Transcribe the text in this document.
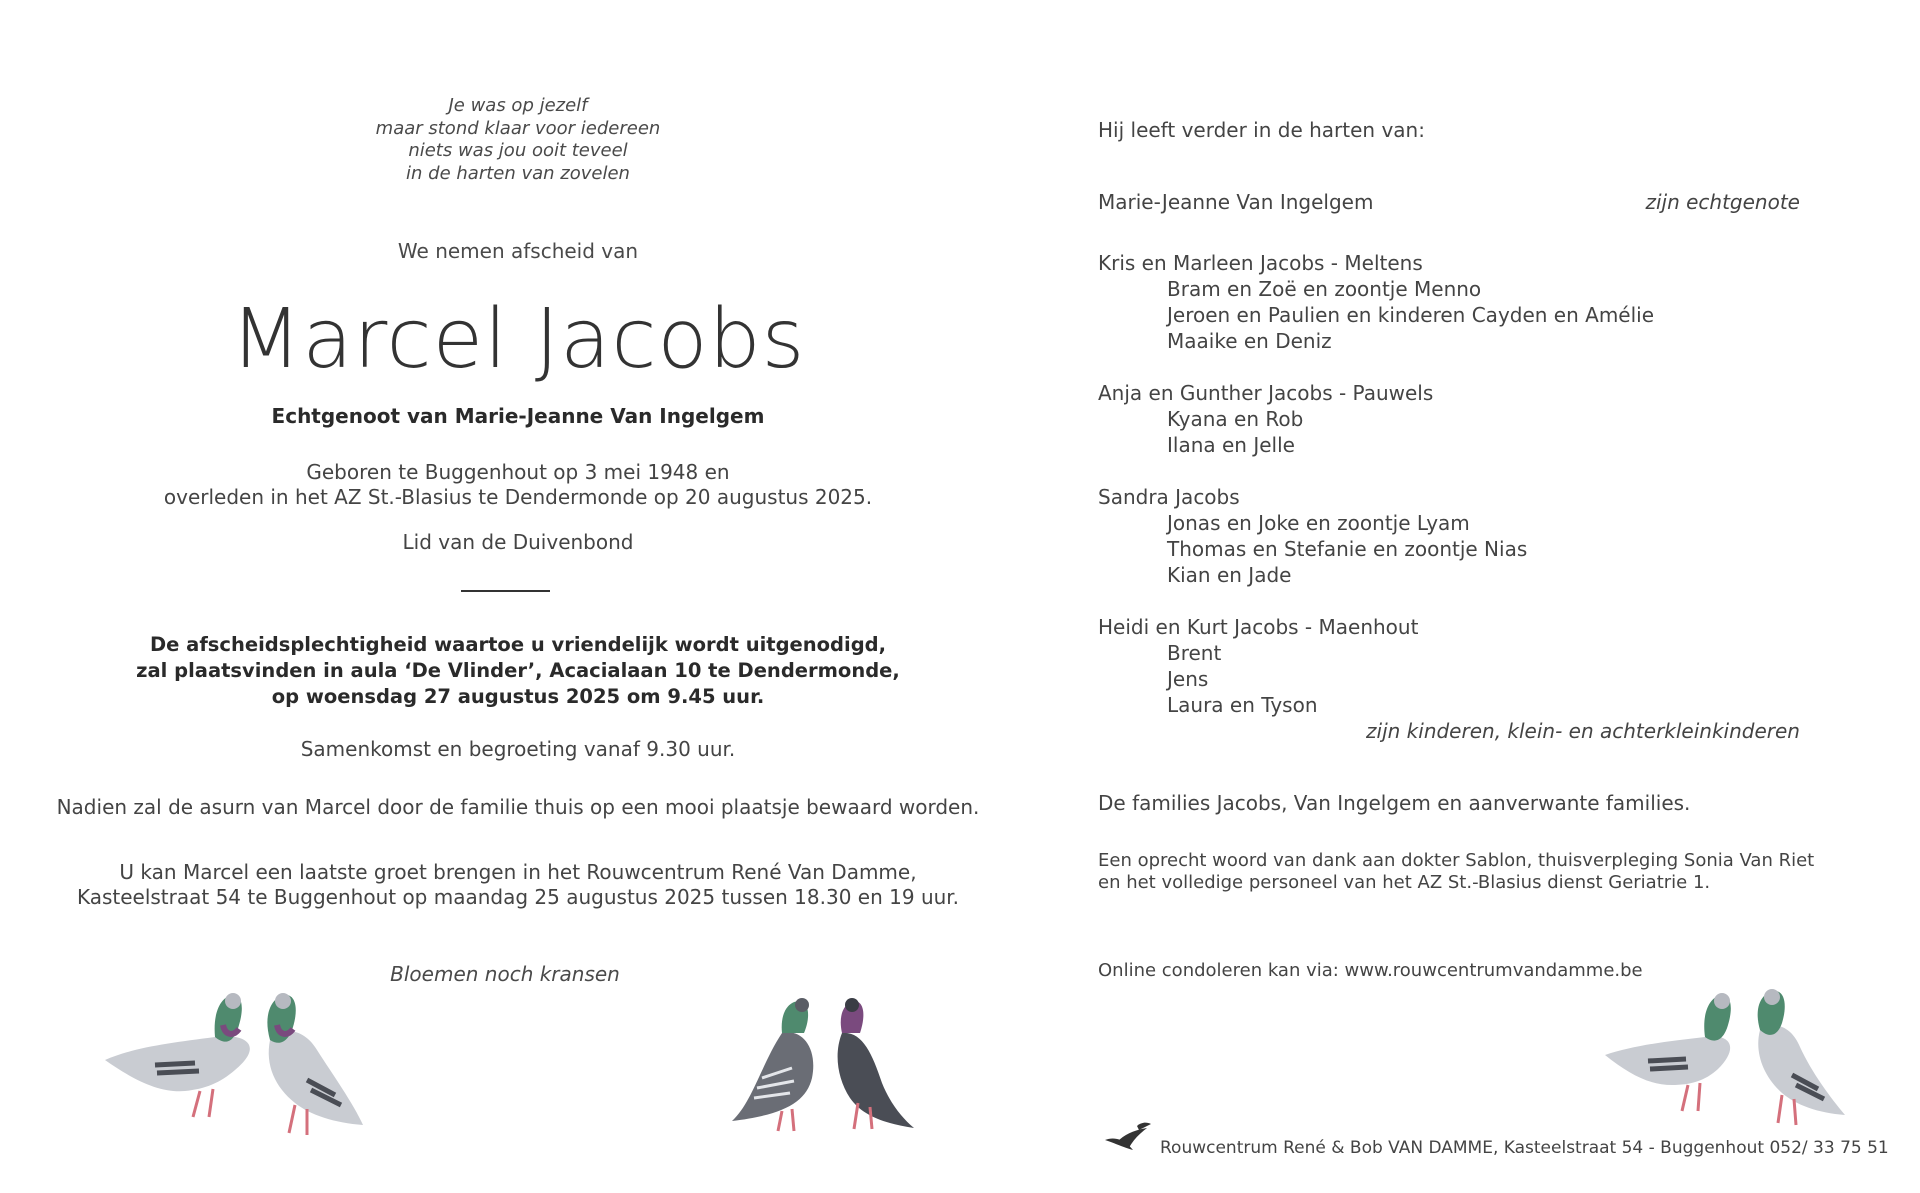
Je was op jezelf
maar stond klaar voor iedereen
niets was jou ooit teveel
in de harten van zovelen
We nemen afscheid van
Marcel Jacobs
Echtgenoot van Marie-Jeanne Van Ingelgem
Geboren te Buggenhout op 3 mei 1948 en
overleden in het AZ St.-Blasius te Dendermonde op 20 augustus 2025.
Lid van de Duivenbond
De afscheidsplechtigheid waartoe u vriendelijk wordt uitgenodigd,
zal plaatsvinden in aula ‘De Vlinder’, Acacialaan 10 te Dendermonde,
op woensdag 27 augustus 2025 om 9.45 uur.
Samenkomst en begroeting vanaf 9.30 uur.
Nadien zal de asurn van Marcel door de familie thuis op een mooi plaatsje bewaard worden.
U kan Marcel een laatste groet brengen in het Rouwcentrum René Van Damme,
Kasteelstraat 54 te Buggenhout op maandag 25 augustus 2025 tussen 18.30 en 19 uur.
Bloemen noch kransen
Hij leeft verder in de harten van:
Marie-Jeanne Van Ingelgem	zijn echtgenote
Kris en Marleen Jacobs - Meltens
Bram en Zoë en zoontje Menno
Jeroen en Paulien en kinderen Cayden en Amélie
Maaike en Deniz
Anja en Gunther Jacobs - Pauwels
Kyana en Rob
Ilana en Jelle
Sandra Jacobs
Jonas en Joke en zoontje Lyam
Thomas en Stefanie en zoontje Nias
Kian en Jade
Heidi en Kurt Jacobs - Maenhout
Brent
Jens
Laura en Tyson
zijn kinderen, klein- en achterkleinkinderen
De families Jacobs, Van Ingelgem en aanverwante families.
Een oprecht woord van dank aan dokter Sablon, thuisverpleging Sonia Van Riet
en het volledige personeel van het AZ St.-Blasius dienst Geriatrie 1.
Online condoleren kan via: www.rouwcentrumvandamme.be
Rouwcentrum René & Bob VAN DAMME, Kasteelstraat 54 - Buggenhout 052/ 33 75 51
